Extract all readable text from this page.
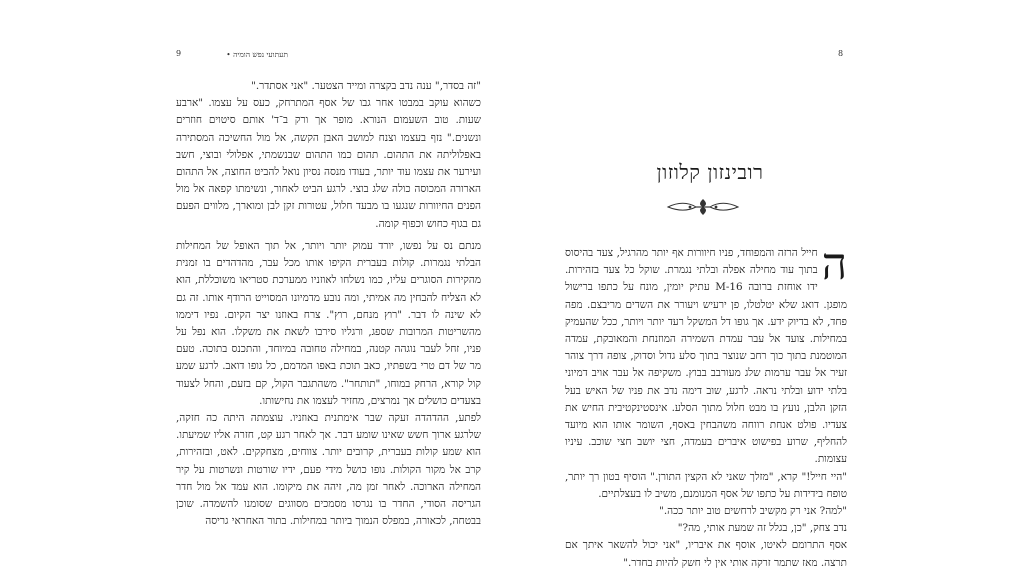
9	תעתועי נפש הומיה •

"זה בסדר," ענה נדב בקצרה ומייד הצטער. "אני אסתדר."

כשהוא עוקב במבטו אחר גבו של אסף המתרחק, כעס על עצמו. "ארבע שעות. טוב השעמום הנורא. מופר אך ורק ב־ד' אותם סיטוים חוזרים ונשנים." נזף בעצמו וצנח למושב האבן הקשה, אל מול החשיכה המסתירה באפלוליתה את התהום. תהום כמו התהום שבנשמתי, אפלולי ובוצי, חשב ועירער את עצמו עוד יותר, בעודו מנסה נסיון נואל להביט החוצה, אל התהום הארורה המכוסה כולה שלג בוצי. לרגע הביט לאחור, ונשימתו קפאה אל מול הפנים החיוורות שנגעו בו מבעד חלול, עטורות זקן לבן ומוארך, מלווים הפעם גם בגוף כחוש וכפוף קומה.

מנתם נס על נפשו, יורד עמוק יותר ויותר, אל תוך האופל של המחילות הבלתי נגמרות. קולות בעברית הקיפו אותו מכל עבר, מהדהדים בו זמנית מהקירות הסוגרים עליו, כמו נשלחו לאוזניו ממערכת סטריאו משוכללת, הוא לא הצליח להבחין מה אמיתי, ומה נובע מדמיונו המסוייט הרודף אותו. זה גם לא שינה לו דבר. "רוץ מנחם, רוץ". צרח באוזנו יצר הקיום. נפיו דיממו מהשריטות המרובות שספג, ורגליו סירבו לשאת את משקלו. הוא נפל על פניו, זחל לעבר נוגהה קטנה, במחילה טחובה במיוחד, והתכנס בתוכה. טעם מר של דם טרי בשפתיו, כאב תוכת באפו המדמם, כל גופו דואב. לרגע שמע קול קורא, הרחק במוחו, "תותחר". משהתגבר הקול, קם בזעם, והחל לצעוד בצעדים כושלים אך נמרצים, מחזיר לעצמו את נחישותו.

לפתע, ההדהדה זעקה שבר אימתנית באוזניו. עוצמתה היתה כה חזקה, שלרגע ארוך חשש שאינו שומע דבר. אך לאחר רגע קט, חזרה אליו שמיעתו. הוא שמע קולות בעברית, קרובים יותר. צווחים, מצחקקים. לאט, ובזהירות, קרב אל מקור הקולות. גופו כושל מידי פעם, ידיו שורטות ונשרטות על קיר המחילה הארוכה. לאחר זמן מה, זיהה את מיקומו. הוא עמד אל מול חדר הגריסה הסודי, החדר בו נגרסו מסמכים מסווגים שסומנו להשמדה. שוכן בבטחה, לכאורה, במפלס הנמוך ביותר במחילות. בתור האחראי גריסה

8
רובינזון קלוזון

ה
חייל הרזה והמפוחד, פניו חיוורות אף יותר מהרגיל, צעד בהיסוס בתוך עוד מחילה אפלה ובלתי נגמרת. שוקל כל צעד בזהירות. ידו אוחזת ברובה M-16 עתיק יומין, מונח על כתפו ברישול מופגן. דואג שלא יטלטלו, פן ירעיש ויעורר את השדים מריבצם. מפה פחד, לא בדיוק ידע. אך גופו דל המשקל רעד יותר ויותר, ככל שהעמיק במחילות. צועד אל עבר עמדת השמירה המוזנחת והמאובקת, עמדה המוטמנת בתוך כוך רחב שנוצר בתוך סלע גדול וסדוק, צופה דרך צוהר זעיר אל עבר ערמות שלג מעורבב בבוץ. משקיפה אל עבר אויב דמיוני בלתי ידוע ובלתי נראה. לרגע, שוב דימה נדב את פניו של האיש בעל הזקן הלבן, נועץ בו מבט חלול מתוך הסלע. אינסטינקטיבית החיש את צעדיו. פולט אנחת רווחה משהבחין באסף, השומר אותו הוא מיועד להחליף, שרוע בפישוט איברים בעמדה, חצי יושב חצי שוכב. עיניו עצומות.

"היי חייל!" קרא, "מזלך שאני לא הקצין התורן." הוסיף בטון רך יותר, טופח בידידות על כתפו של אסף המנומנם, משיב לו בעצלתיים.

"למה? אני רק מקשיב לרחשים טוב יותר ככה."

נדב צחק, "כן, בגלל זה שמעת אותי, מה?"

אסף התרומם לאיטו, אוסף את איבריו, "אני יכול להשאר איתך אם תרצה. מאז שתמר זרקה אותי אין לי חשק להיות בחדר."
